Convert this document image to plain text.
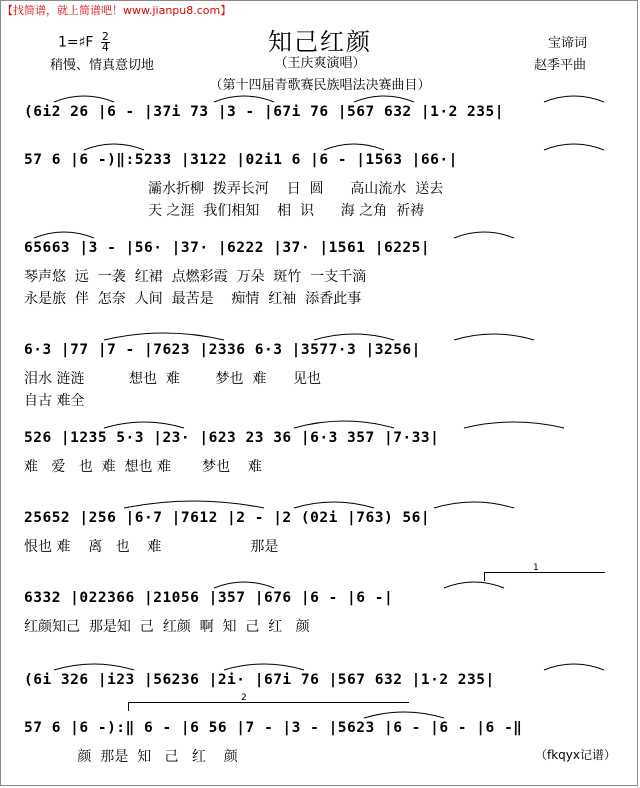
【找简谱，就上简谱吧！www.jianpu8.com】
知己红颜
1=♯F $\frac{2}{4}$
稍慢、情真意切地	（王庆爽演唱）
（第十四届青歌赛民族唱法决赛曲目）
宝谛词
赵季平曲
(6i2 26 |6 - |37i 73 |3 - |67i 76 |567 632 |1·2 235|
57 6 |6 -)‖:5233 |3122 |02i1 6 |6 - |1563 |66·|
灞水折柳  拨弄长河    日  圆      高山流水  送去
天 之涯  我们相知    相  识      海 之角  祈祷
65663 |3 - |56· |37· |6222 |37· |1561 |6225|
琴声悠  远  一袭  红裙  点燃彩霞  万朵  斑竹  一支千滴
永是旅  伴  怎奈  人间  最苦是    痴情  红袖  添香此事
6·3 |77 |7 - |7623 |2336 6·3 |3577·3 |3256|
泪水 涟涟          想也  难        梦也  难      见也
自古 难全
526 |1235 5·3 |23· |623 23 36 |6·3 357 |7·33|
难   爱   也  难  想也 难       梦也    难
25652 |256 |6·7 |7612 |2 - |2 (02i |763) 56|
恨也 难    离   也    难                    那是
1
6332 |022366 |21056 |357 |676 |6 - |6 -|
红颜知己  那是知  己  红颜  啊  知  己  红   颜
(6i 326 |i23 |56236 |2i· |67i 76 |567 632 |1·2 235|
2
57 6 |6 -):‖ 6 - |6 56 |7 - |3 - |5623 |6 - |6 - |6 -‖
颜  那是  知   己   红    颜	（fkqyx记谱）
